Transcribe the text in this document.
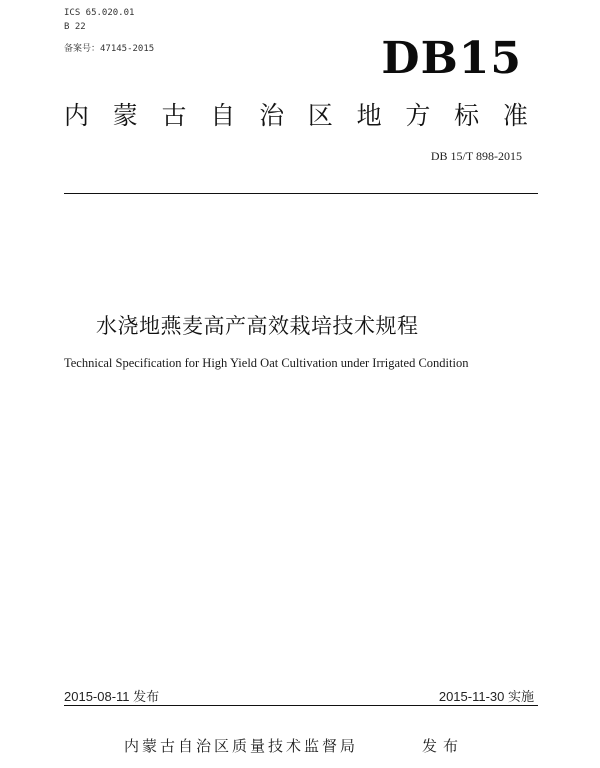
ICS 65.020.01
B 22
备案号：47145-2015	DB15
内 蒙 古 自 治 区 地 方 标 准
DB 15/T 898-2015
水浇地燕麦高产高效栽培技术规程
Technical Specification for High Yield Oat Cultivation under Irrigated Condition
2015-08-11 发布	2015-11-30 实施
内蒙古自治区质量技术监督局	发布
